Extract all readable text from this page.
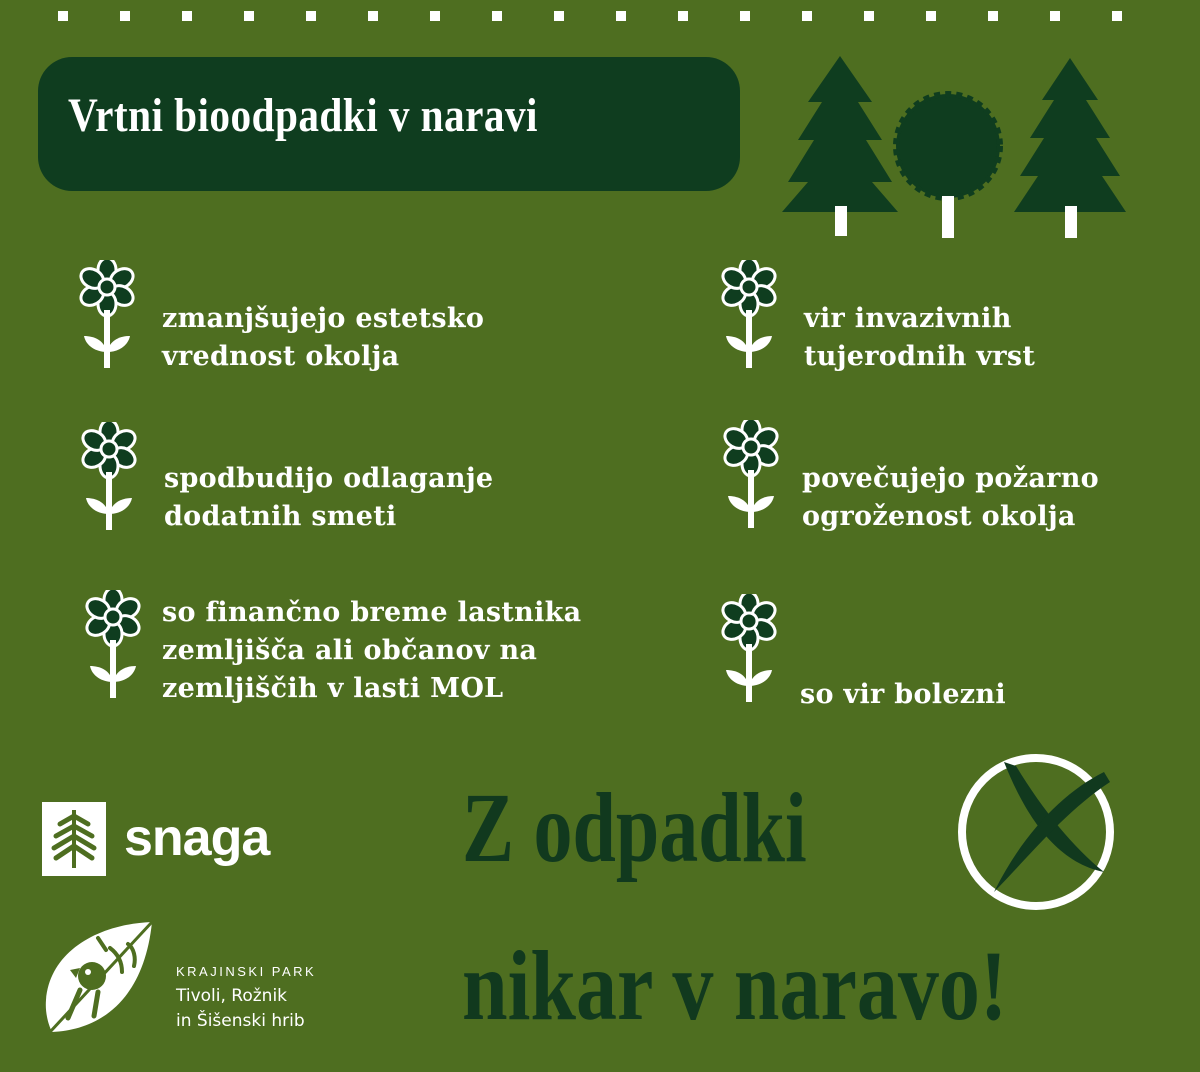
Vrtni bioodpadki v naravi
zmanjšujejo estetsko
vrednost okolja
vir invazivnih
tujerodnih vrst
spodbudijo odlaganje
dodatnih smeti
povečujejo požarno
ogroženost okolja
so finančno breme lastnika
zemljišča ali občanov na
zemljiščih v lasti MOL	so vir bolezni
snaga
KRAJINSKI PARK
Tivoli, Rožnik
in Šišenski hrib
Z odpadki
nikar v naravo!
